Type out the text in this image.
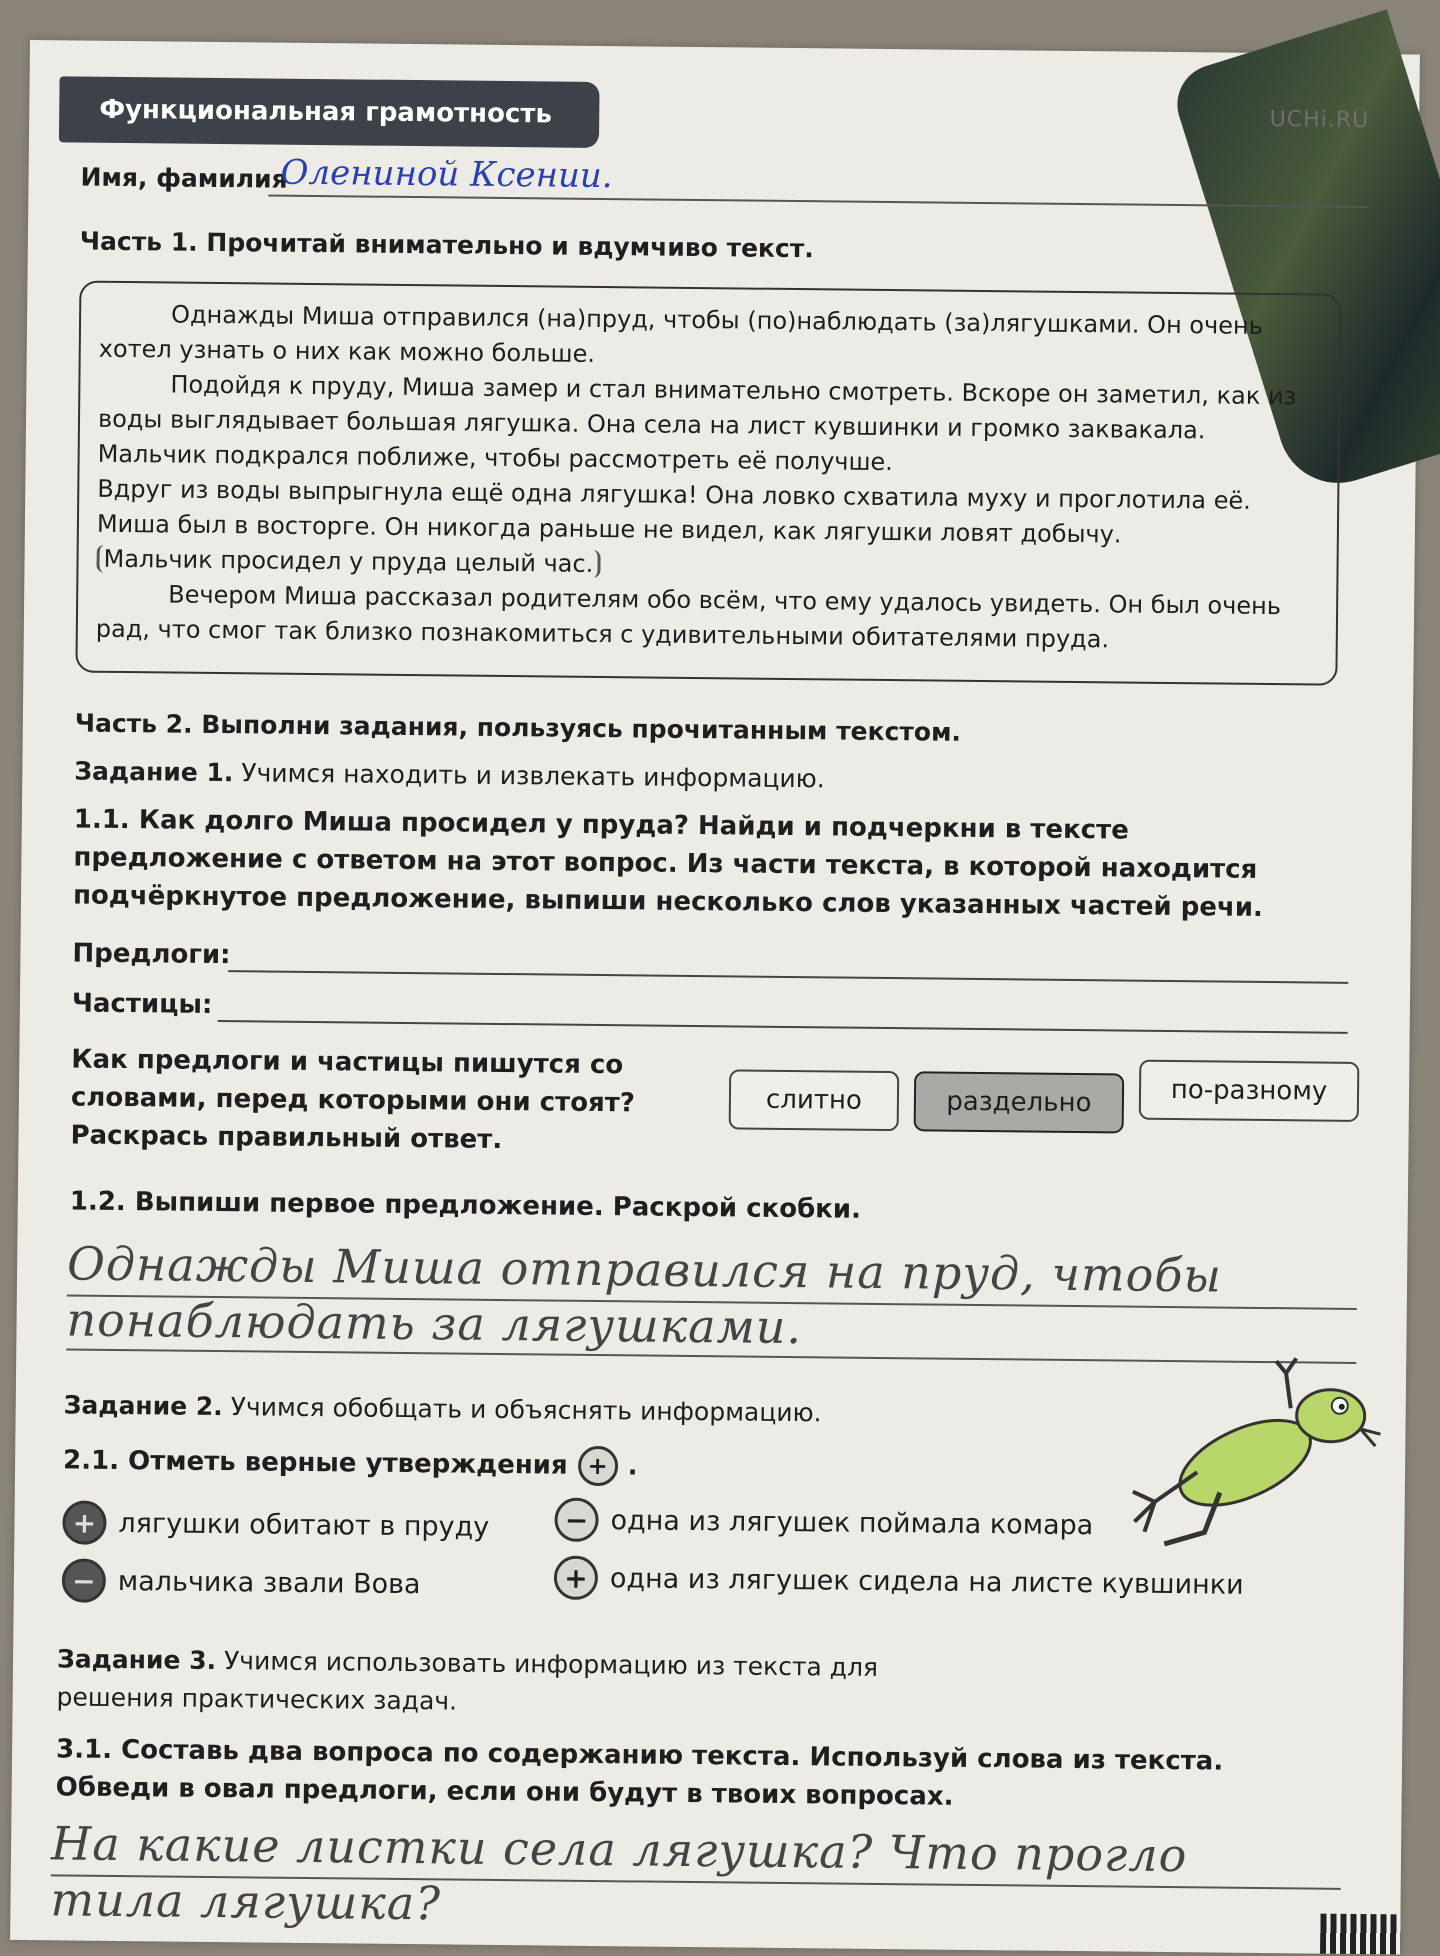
Функциональная грамотность	UCHi.RU
Имя, фамилия
Олениной Ксении.
Часть 1. Прочитай внимательно и вдумчиво текст.

Однажды Миша отправился (на)пруд, чтобы (по)наблюдать (за)лягушками. Он очень хотел узнать о них как можно больше.

Подойдя к пруду, Миша замер и стал внимательно смотреть. Вскоре он заметил, как из воды выглядывает большая лягушка. Она села на лист кувшинки и громко заквакала. Мальчик подкрался поближе, чтобы рассмотреть её получше.

Вдруг из воды выпрыгнула ещё одна лягушка! Она ловко схватила муху и проглотила её. Миша был в восторге. Он никогда раньше не видел, как лягушки ловят добычу.

Мальчик просидел у пруда целый час.

Вечером Миша рассказал родителям обо всём, что ему удалось увидеть. Он был очень рад, что смог так близко познакомиться с удивительными обитателями пруда.

Часть 2. Выполни задания, пользуясь прочитанным текстом.
Задание 1. Учимся находить и извлекать информацию.
1.1. Как долго Миша просидел у пруда? Найди и подчеркни в тексте предложение с ответом на этот вопрос. Из части текста, в которой находится подчёркнутое предложение, выпиши несколько слов указанных частей речи.
Предлоги:
Частицы:
Как предлоги и частицы пишутся со словами, перед которыми они стоят? Раскрась правильный ответ.
слитно	раздельно	по-разному
1.2. Выпиши первое предложение. Раскрой скобки.
Однажды Миша отправился на пруд, чтобы
понаблюдать за лягушками.
Задание 2. Учимся обобщать и объяснять информацию.
2.1. Отметь верные утверждения + .
+ лягушки обитают в пруду	− одна из лягушек поймала комара
− мальчика звали Вова	+ одна из лягушек сидела на листе кувшинки
Задание 3. Учимся использовать информацию из текста для решения практических задач.
3.1. Составь два вопроса по содержанию текста. Используй слова из текста. Обведи в овал предлоги, если они будут в твоих вопросах.
На какие листки села лягушка? Что прогло
тила лягушка?
